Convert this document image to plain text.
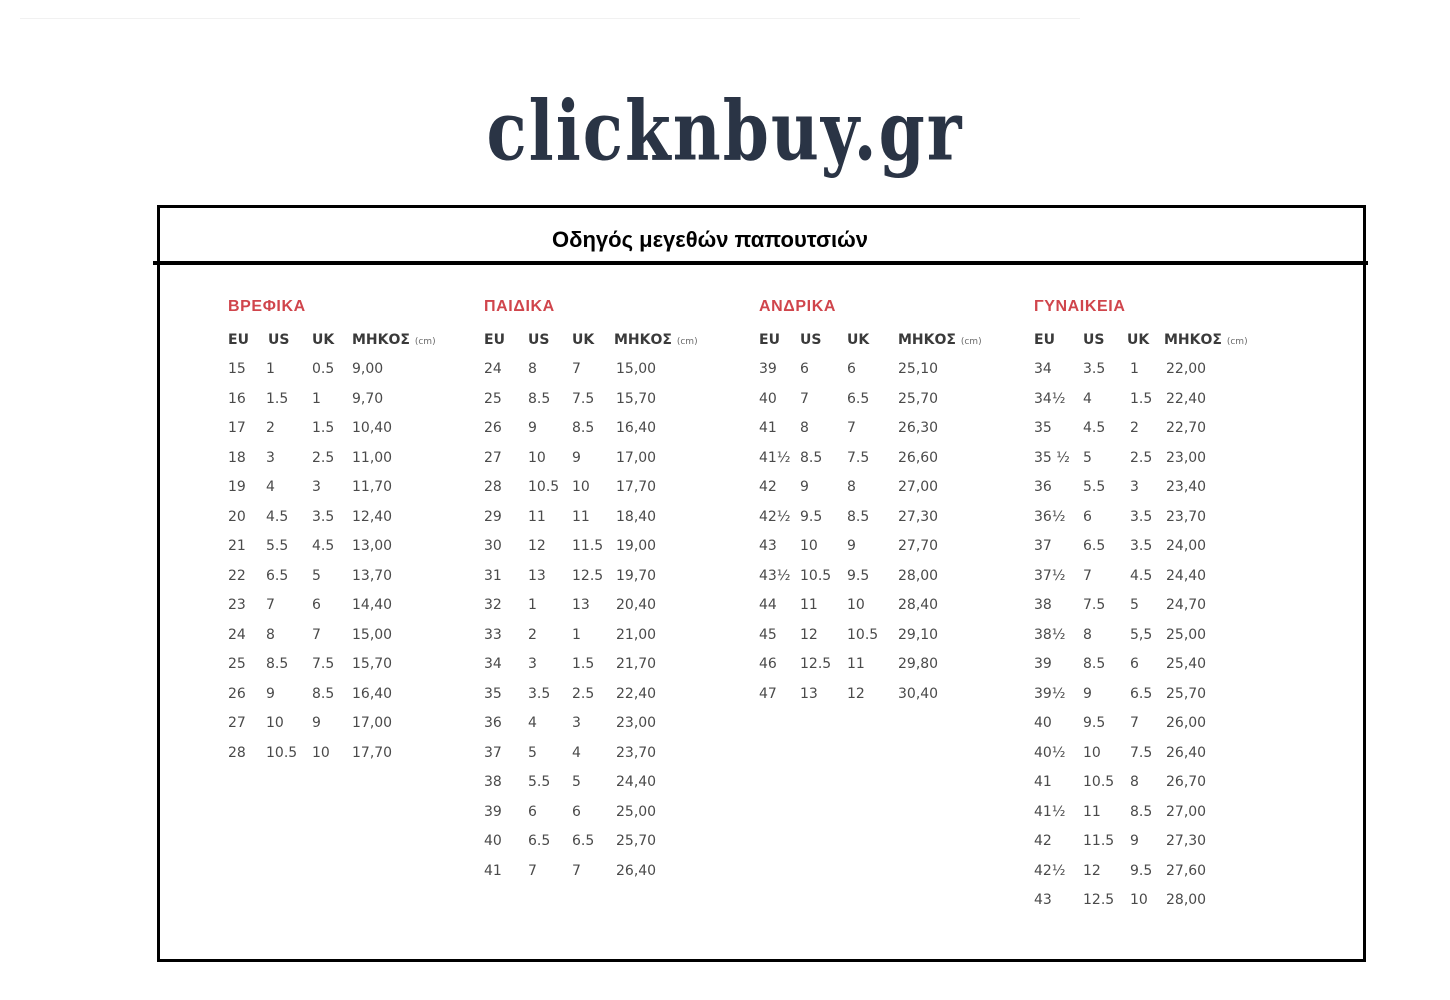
clicknbuy.gr
Οδηγός μεγεθών παπουτσιών
ΒΡΕΦΙΚΑ
EU US UK ΜΗΚΟΣ (cm)
15 1	0.5 9,00
16 1.5 1 9,70
17 2	1.5 10,40
18 3	2.5 11,00
19 4	3 11,70
20 4.5 3.5 12,40
21 5.5 4.5 13,00
22 6.5 5 13,70
23 7	6 14,40
24 8	7 15,00
25 8.5 7.5 15,70
26 9	8.5 16,40
27 10 9 17,00
28 10.5 10 17,70
ΠΑΙΔΙΚΑ
EU US UK ΜΗΚΟΣ (cm)
24 8	7	15,00
25 8.5 7.5 15,70
26 9	8.5 16,40
27 10 9	17,00
28 10.5 10 17,70
29 11 11 18,40
30 12 11.5 19,00
31 13 12.5 19,70
32 1	13 20,40
33 2	1	21,00
34 3	1.5 21,70
35 3.5 2.5 22,40
36 4	3	23,00
37 5	4	23,70
38 5.5 5	24,40
39 6	6	25,00
40 6.5 6.5 25,70
41 7	7	26,40
ΑΝΔΡΙΚΑ
EU US UK ΜΗΚΟΣ (cm)
39 6	6	25,10
40 7	6.5 25,70
41 8	7	26,30
41½ 8.5 7.5 26,60
42 9	8	27,00
42½ 9.5 8.5 27,30
43 10 9	27,70
43½ 10.5 9.5 28,00
44 11 10 28,40
45 12 10.5 29,10
46 12.5 11 29,80
47 13 12 30,40
ΓΥΝΑΙΚΕΙΑ
EU US UK ΜΗΚΟΣ (cm)
34 3.5 1 22,00
34½ 4	1.5 22,40
35 4.5 2 22,70
35 ½ 5	2.5 23,00
36 5.5 3 23,40
36½ 6	3.5 23,70
37 6.5 3.5 24,00
37½ 7	4.5 24,40
38 7.5 5 24,70
38½ 8	5,5 25,00
39 8.5 6 25,40
39½ 9	6.5 25,70
40 9.5 7 26,00
40½ 10 7.5 26,40
41 10.5 8 26,70
41½ 11 8.5 27,00
42 11.5 9 27,30
42½ 12 9.5 27,60
43 12.5 10 28,00
